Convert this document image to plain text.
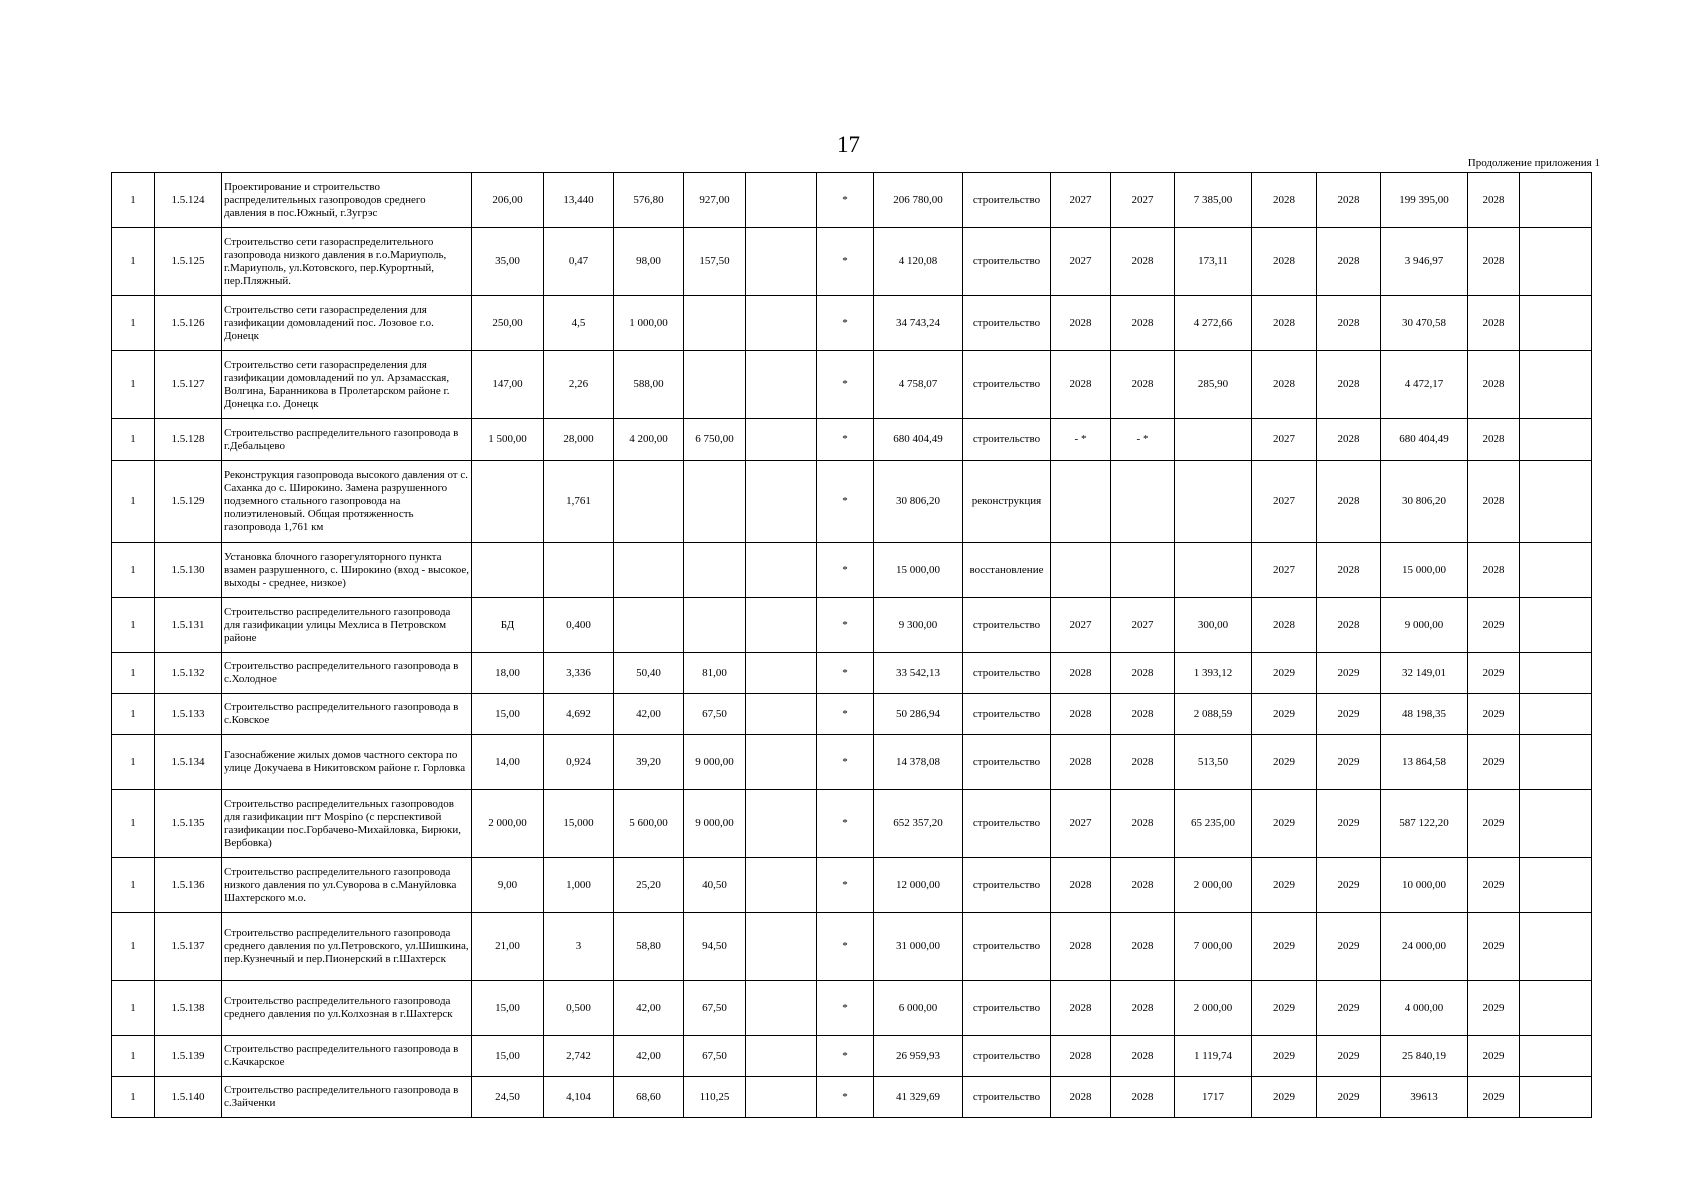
17
Продолжение приложения 1
1	1.5.124	Проектирование и строительство распределительных газопроводов среднего давления в пос.Южный, г.Зугрэс	206,00	13,440	576,80	927,00		*	206 780,00	строительство	2027	2027	7 385,00	2028	2028	199 395,00	2028	
1	1.5.125	Строительство сети газораспределительного газопровода низкого давления в г.о.Мариуполь, г.Мариуполь, ул.Котовского, пер.Курортный, пер.Пляжный.	35,00	0,47	98,00	157,50		*	4 120,08	строительство	2027	2028	173,11	2028	2028	3 946,97	2028	
1	1.5.126	Строительство сети газораспределения для газификации домовладений пос. Лозовое г.о. Донецк	250,00	4,5	1 000,00			*	34 743,24	строительство	2028	2028	4 272,66	2028	2028	30 470,58	2028	
1	1.5.127	Строительство сети газораспределения для газификации домовладений по ул. Арзамасская, Волгина, Баранникова в Пролетарском районе г. Донецка г.о. Донецк	147,00	2,26	588,00			*	4 758,07	строительство	2028	2028	285,90	2028	2028	4 472,17	2028	
1	1.5.128	Строительство распределительного газопровода в г.Дебальцево	1 500,00	28,000	4 200,00	6 750,00		*	680 404,49	строительство	- *	- *		2027	2028	680 404,49	2028	
1	1.5.129	Реконструкция газопровода высокого давления от с. Саханка до с. Широкино. Замена разрушенного подземного стального газопровода на полиэтиленовый. Общая протяженность газопровода 1,761 км		1,761				*	30 806,20	реконструкция				2027	2028	30 806,20	2028	
1	1.5.130	Установка блочного газорегуляторного пункта взамен разрушенного, с. Широкино (вход - высокое, выходы - среднее, низкое)						*	15 000,00	восстановление				2027	2028	15 000,00	2028	
1	1.5.131	Строительство распределительного газопровода для газификации улицы Мехлиса в Петровском районе	БД	0,400				*	9 300,00	строительство	2027	2027	300,00	2028	2028	9 000,00	2029	
1	1.5.132	Строительство распределительного газопровода в с.Холодное	18,00	3,336	50,40	81,00		*	33 542,13	строительство	2028	2028	1 393,12	2029	2029	32 149,01	2029	
1	1.5.133	Строительство распределительного газопровода в с.Ковское	15,00	4,692	42,00	67,50		*	50 286,94	строительство	2028	2028	2 088,59	2029	2029	48 198,35	2029	
1	1.5.134	Газоснабжение жилых домов частного сектора по улице Докучаева в Никитовском районе г. Горловка	14,00	0,924	39,20	9 000,00		*	14 378,08	строительство	2028	2028	513,50	2029	2029	13 864,58	2029	
1	1.5.135	Строительство распределительных газопроводов для газификации пгт Мospino (с перспективой газификации пос.Горбачево-Михайловка, Бирюки, Вербовка)	2 000,00	15,000	5 600,00	9 000,00		*	652 357,20	строительство	2027	2028	65 235,00	2029	2029	587 122,20	2029	
1	1.5.136	Строительство распределительного газопровода низкого давления по ул.Суворова в с.Мануйловка Шахтерского м.о.	9,00	1,000	25,20	40,50		*	12 000,00	строительство	2028	2028	2 000,00	2029	2029	10 000,00	2029	
1	1.5.137	Строительство распределительного газопровода среднего давления по ул.Петровского, ул.Шишкина, пер.Кузнечный и пер.Пионерский в г.Шахтерск	21,00	3	58,80	94,50		*	31 000,00	строительство	2028	2028	7 000,00	2029	2029	24 000,00	2029	
1	1.5.138	Строительство распределительного газопровода среднего давления по ул.Колхозная в г.Шахтерск	15,00	0,500	42,00	67,50		*	6 000,00	строительство	2028	2028	2 000,00	2029	2029	4 000,00	2029	
1	1.5.139	Строительство распределительного газопровода в с.Качкарское	15,00	2,742	42,00	67,50		*	26 959,93	строительство	2028	2028	1 119,74	2029	2029	25 840,19	2029	
1	1.5.140	Строительство распределительного газопровода в с.Зайченки	24,50	4,104	68,60	110,25		*	41 329,69	строительство	2028	2028	1717	2029	2029	39613	2029	
